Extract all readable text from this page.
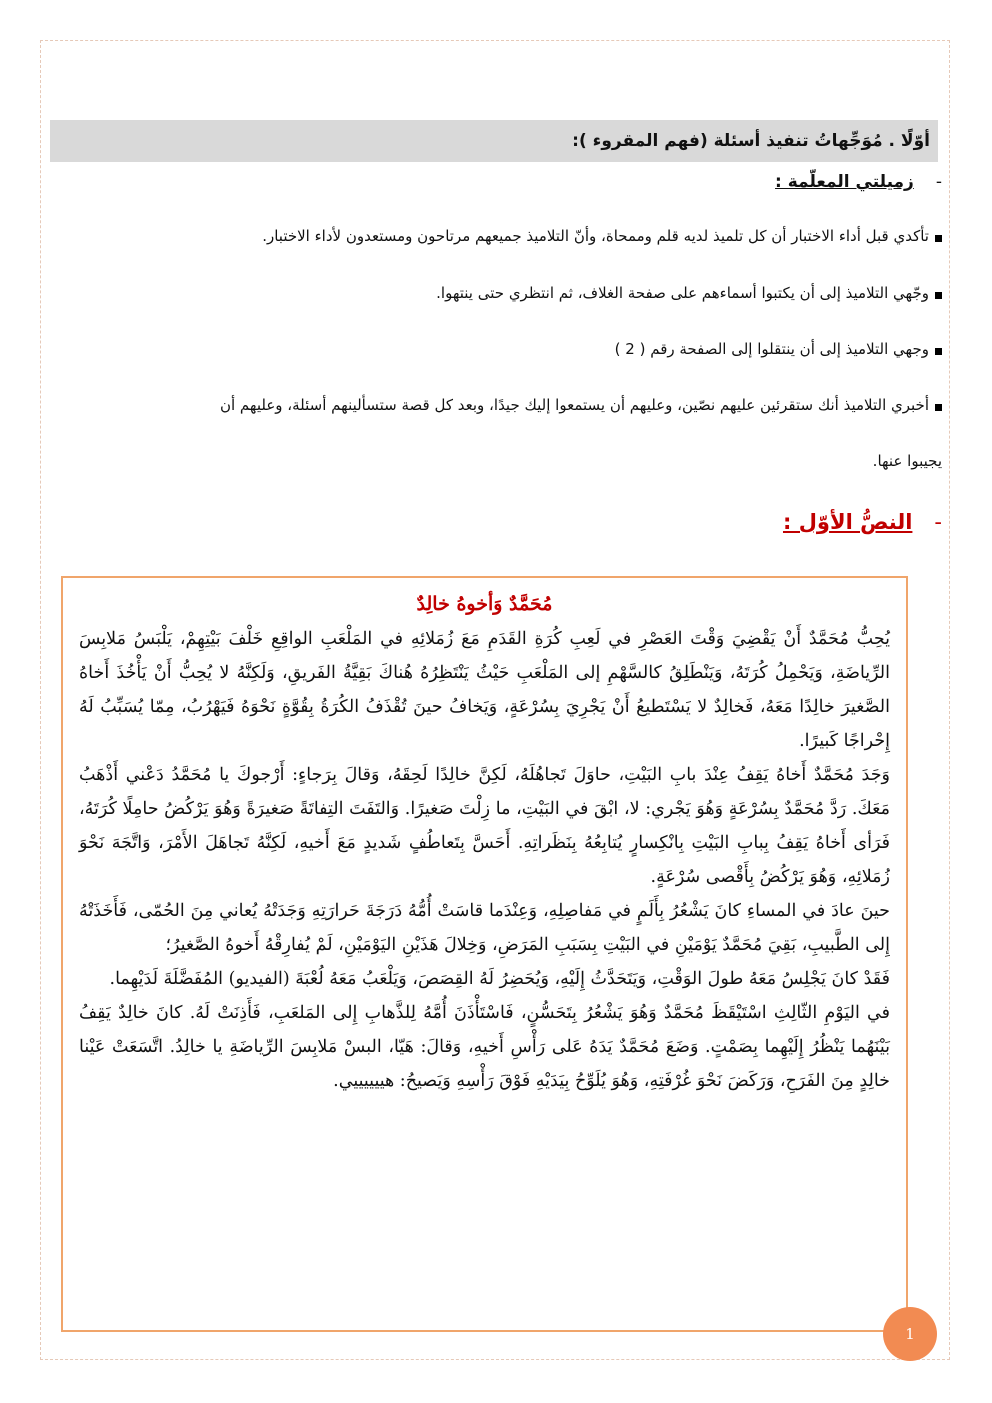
أوّلًا . مُوَجِّهاتُ تنفيذ أسئلة (فهم المقروء ):
-
زميلتي المعلّمة :
تأكدي قبل أداء الاختبار أن كل تلميذ لديه قلم وممحاة، وأنّ التلاميذ جميعهم مرتاحون ومستعدون لأداء الاختبار.
وجّهي التلاميذ إلى أن يكتبوا أسماءهم على صفحة الغلاف، ثم انتظري حتى ينتهوا.
وجهي التلاميذ إلى أن ينتقلوا إلى الصفحة رقم ( 2 )
أخبري التلاميذ أنك ستقرئين عليهم نصّين، وعليهم أن يستمعوا إليك جيدًا، وبعد كل قصة ستسألينهم أسئلة، وعليهم أن
يجيبوا عنها.
-
النصُّ الأوّل :
مُحَمَّدٌ وَأخوهُ خالِدٌ

يُحِبُّ مُحَمَّدٌ أَنْ يَقْضِيَ وَقْتَ العَصْرِ في لَعِبِ كُرَةِ القَدَمِ مَعَ زُمَلائِهِ في المَلْعَبِ الواقِعِ خَلْفَ بَيْتِهِمْ، يَلْبَسُ مَلابِسَ الرِّياضَةِ، وَيَحْمِلُ كُرَتَهُ، وَيَنْطَلِقُ كالسَّهْمِ إلى المَلْعَبِ حَيْثُ يَنْتَظِرُهُ هُناكَ بَقِيَّةُ الفَريقِ، وَلَكِنَّهُ لا يُحِبُّ أَنْ يَأْخُذَ أَخاهُ الصَّغيرَ خالِدًا مَعَهُ، فَخالِدٌ لا يَسْتَطيعُ أَنْ يَجْرِيَ بِسُرْعَةٍ، وَيَخافُ حينَ تُقْذَفُ الكُرَةُ بِقُوَّةٍ نَحْوَهُ فَيَهْرُبُ، مِمّا يُسَبِّبُ لَهُ إِحْراجًا كَبيرًا.

وَجَدَ مُحَمَّدٌ أَخاهُ يَقِفُ عِنْدَ بابِ البَيْتِ، حاوَلَ تَجاهُلَهُ، لَكِنَّ خالِدًا لَحِقَهُ، وَقالَ بِرَجاءٍ: أَرْجوكَ يا مُحَمَّدُ دَعْني أَذْهَبُ مَعَكَ. رَدَّ مُحَمَّدٌ بِسُرْعَةٍ وَهُوَ يَجْري: لا، ابْقَ في البَيْتِ، ما زِلْتَ صَغيرًا. وَالتَفَتَ التِفاتَةً صَغيرَةً وَهُوَ يَرْكُضُ حامِلًا كُرَتَهُ، فَرَأى أَخاهُ يَقِفُ بِبابِ البَيْتِ بِانْكِسارٍ يُتابِعُهُ بِنَظَراتِهِ. أَحَسَّ بِتَعاطُفٍ شَديدٍ مَعَ أَخيهِ، لَكِنَّهُ تَجاهَلَ الأَمْرَ، وَاتَّجَهَ نَحْوَ زُمَلائِهِ، وَهُوَ يَرْكُضُ بِأَقْصى سُرْعَةٍ.

حينَ عادَ في المساءِ كانَ يَشْعُرُ بِأَلَمٍ في مَفاصِلِهِ، وَعِنْدَما قاسَتْ أُمُّهُ دَرَجَةَ حَرارَتِهِ وَجَدَتْهُ يُعاني مِنَ الحُمّى، فَأَخَذَتْهُ إِلى الطَّبيبِ، بَقِيَ مُحَمَّدٌ يَوْمَيْنِ في البَيْتِ بِسَبَبِ المَرَضِ، وَخِلالَ هَذَيْنِ اليَوْمَيْنِ، لَمْ يُفارِقْهُ أَخوهُ الصَّغيرُ؛

فَقَدْ كانَ يَجْلِسُ مَعَهُ طولَ الوَقْتِ، وَيَتَحَدَّثُ إِلَيْهِ، وَيُحَضِرُ لَهُ القِصَصَ، وَيَلْعَبُ مَعَهُ لُعْبَةَ (الفيديو) المُفَضَّلَةَ لَدَيْهِما.

في اليَوْمِ الثّالِثِ اسْتَيْقَظَ مُحَمَّدٌ وَهُوَ يَشْعُرُ بِتَحَسُّنٍ، فَاسْتَأْذَنَ أُمَّهُ لِلذَّهابِ إِلى المَلعَبِ، فَأَذِنَتْ لَهُ. كانَ خالِدٌ يَقِفُ بَيْنَهُما يَنْظُرُ إِلَيْهِما بِصَمْتٍ. وَضَعَ مُحَمَّدٌ يَدَهُ عَلى رَأْسِ أَخيهِ، وَقالَ: هَيّا، البسْ مَلابِسَ الرِّياضَةِ يا خالِدُ. اتَّسَعَتْ عَيْنا خالِدٍ مِنَ الفَرَحِ، وَرَكَضَ نَحْوَ غُرْفَتِهِ، وَهُوَ يُلَوِّحُ بِيَدَيْهِ فَوْقَ رَأْسِهِ وَيَصيحُ: هييييييي.

1
